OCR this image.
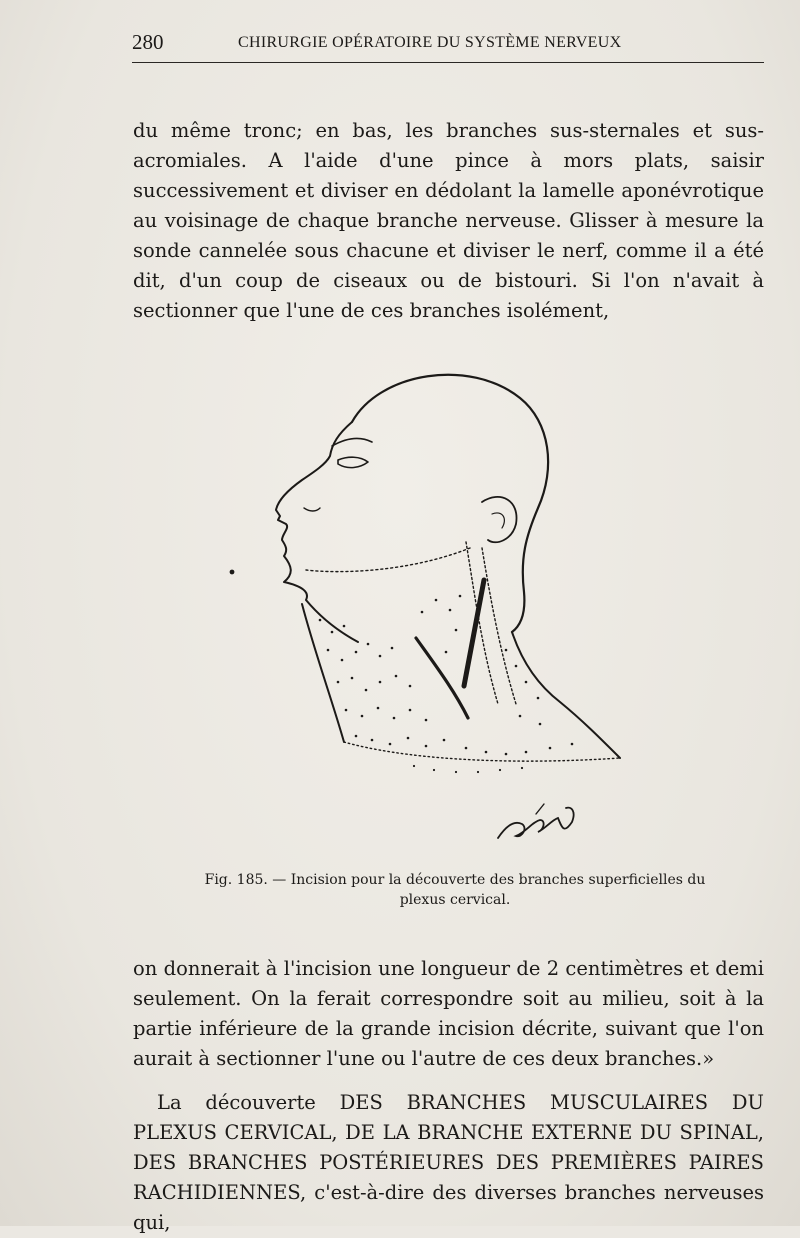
280	CHIRURGIE OPÉRATOIRE DU SYSTÈME NERVEUX

du même tronc; en bas, les branches sus-sternales et sus-acromiales. A l'aide d'une pince à mors plats, saisir successivement et diviser en dédolant la lamelle aponévrotique au voisinage de chaque branche nerveuse. Glisser à mesure la sonde cannelée sous chacune et diviser le nerf, comme il a été dit, d'un coup de ciseaux ou de bistouri. Si l'on n'avait à sectionner que l'une de ces branches isolément,

Fig. 185. — Incision pour la découverte des branches superficielles du plexus cervical.

on donnerait à l'incision une longueur de 2 centimètres et demi seulement. On la ferait correspondre soit au milieu, soit à la partie inférieure de la grande incision décrite, suivant que l'on aurait à sectionner l'une ou l'autre de ces deux branches.»

La découverte DES BRANCHES MUSCULAIRES DU PLEXUS CERVICAL, DE LA BRANCHE EXTERNE DU SPINAL, DES BRANCHES POSTÉRIEURES DES PREMIÈRES PAIRES RACHIDIENNES, c'est-à-dire des diverses branches nerveuses qui,
